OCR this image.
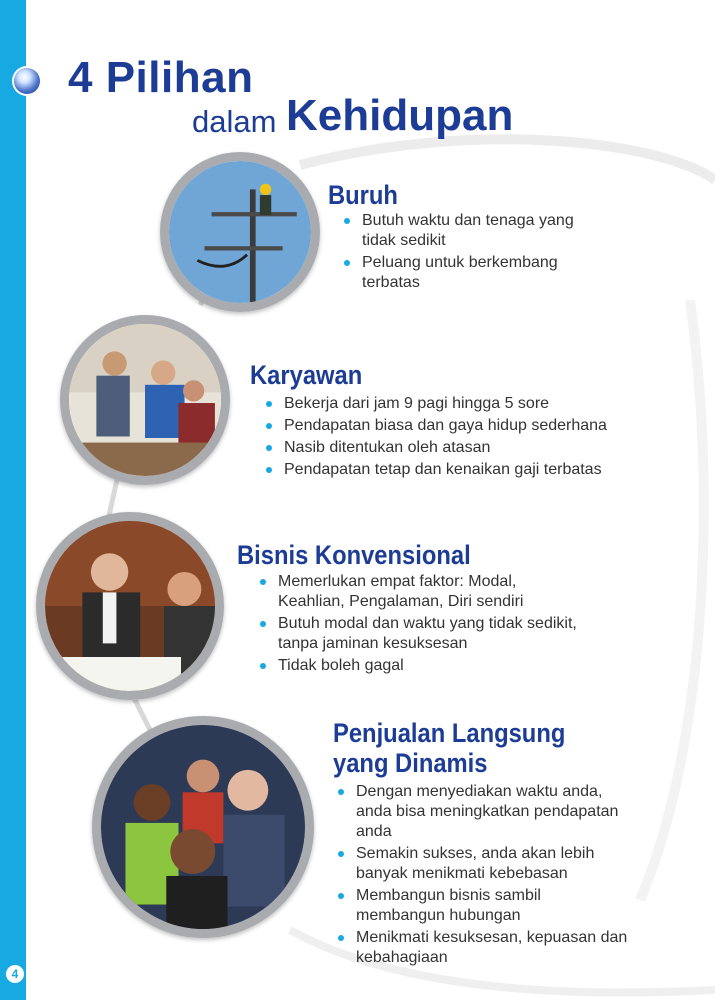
4 Pilihan
dalam Kehidupan
Buruh
Butuh waktu dan tenaga yang tidak sedikit
Peluang untuk berkembang terbatas
Karyawan
Bekerja dari jam 9 pagi hingga 5 sore
Pendapatan biasa dan gaya hidup sederhana
Nasib ditentukan oleh atasan
Pendapatan tetap dan kenaikan gaji terbatas
Bisnis Konvensional
Memerlukan empat faktor: Modal, Keahlian, Pengalaman, Diri sendiri
Butuh modal dan waktu yang tidak sedikit, tanpa jaminan kesuksesan
Tidak boleh gagal
Penjualan Langsung yang Dinamis
Dengan menyediakan waktu anda, anda bisa meningkatkan pendapatan anda
Semakin sukses, anda akan lebih banyak menikmati kebebasan
Membangun bisnis sambil membangun hubungan
Menikmati kesuksesan, kepuasan dan kebahagiaan
4
